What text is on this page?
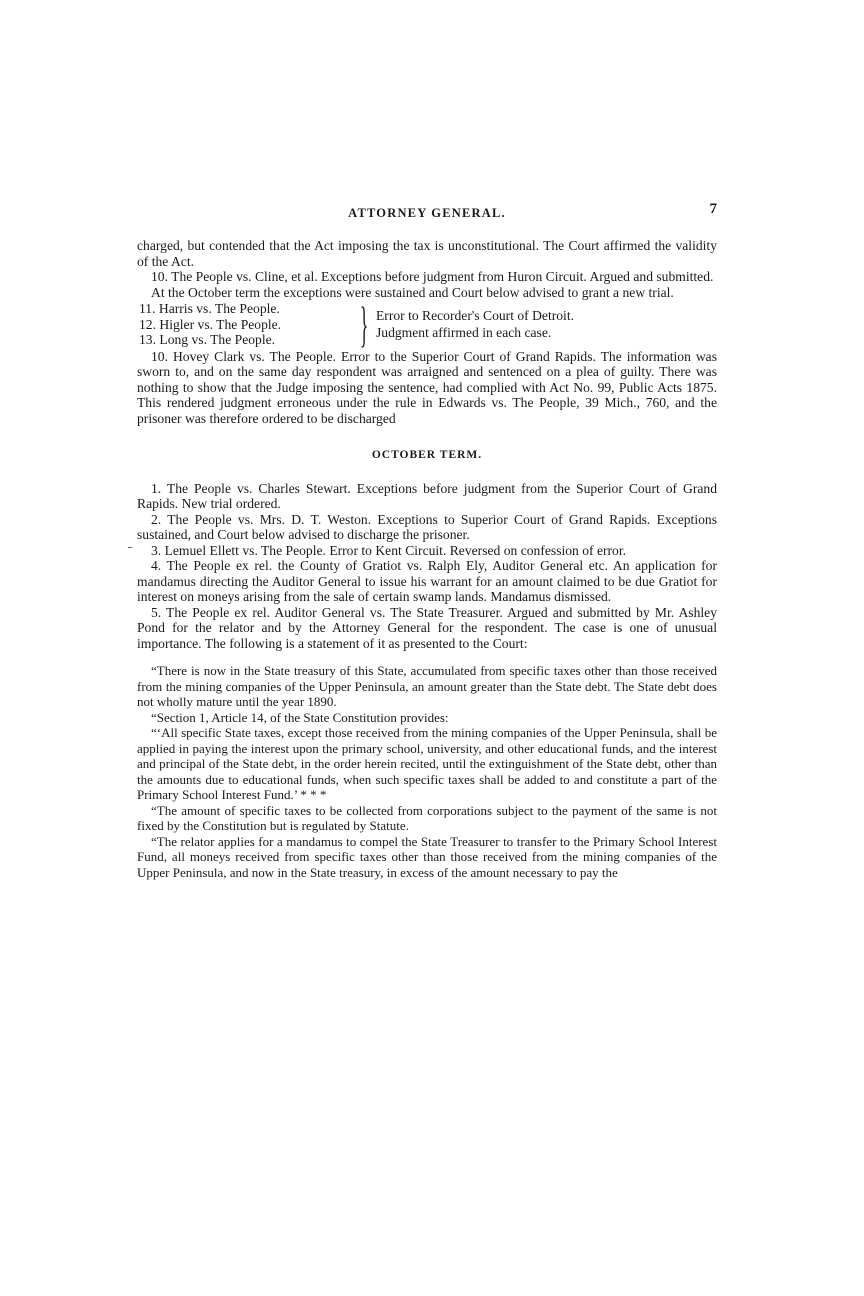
ATTORNEY GENERAL.	7

charged, but contended that the Act imposing the tax is unconstitutional. The Court affirmed the validity of the Act.

10. The People vs. Cline, et al. Exceptions before judgment from Huron Circuit. Argued and submitted.

At the October term the exceptions were sustained and Court below advised to grant a new trial.

11. Harris vs. The People.
12. Higler vs. The People.
13. Long vs. The People.	} Error to Recorder's Court of Detroit.
Judgment affirmed in each case.

10. Hovey Clark vs. The People. Error to the Superior Court of Grand Rapids. The information was sworn to, and on the same day respondent was arraigned and sentenced on a plea of guilty. There was nothing to show that the Judge imposing the sentence, had complied with Act No. 99, Public Acts 1875. This rendered judgment erroneous under the rule in Edwards vs. The People, 39 Mich., 760, and the prisoner was therefore ordered to be discharged

OCTOBER TERM.

1. The People vs. Charles Stewart. Exceptions before judgment from the Superior Court of Grand Rapids. New trial ordered.

2. The People vs. Mrs. D. T. Weston. Exceptions to Superior Court of Grand Rapids. Exceptions sustained, and Court below advised to discharge the prisoner.

3. Lemuel Ellett vs. The People. Error to Kent Circuit. Reversed on confession of error.

4. The People ex rel. the County of Gratiot vs. Ralph Ely, Auditor General etc. An application for mandamus directing the Auditor General to issue his warrant for an amount claimed to be due Gratiot for interest on moneys arising from the sale of certain swamp lands. Mandamus dismissed.

5. The People ex rel. Auditor General vs. The State Treasurer. Argued and submitted by Mr. Ashley Pond for the relator and by the Attorney General for the respondent. The case is one of unusual importance. The following is a statement of it as presented to the Court:

“There is now in the State treasury of this State, accumulated from specific taxes other than those received from the mining companies of the Upper Peninsula, an amount greater than the State debt. The State debt does not wholly mature until the year 1890.

“Section 1, Article 14, of the State Constitution provides:

“‘All specific State taxes, except those received from the mining companies of the Upper Peninsula, shall be applied in paying the interest upon the primary school, university, and other educational funds, and the interest and principal of the State debt, in the order herein recited, until the extinguishment of the State debt, other than the amounts due to educational funds, when such specific taxes shall be added to and constitute a part of the Primary School Interest Fund.’ * * *

“The amount of specific taxes to be collected from corporations subject to the payment of the same is not fixed by the Constitution but is regulated by Statute.

“The relator applies for a mandamus to compel the State Treasurer to transfer to the Primary School Interest Fund, all moneys received from specific taxes other than those received from the mining companies of the Upper Peninsula, and now in the State treasury, in excess of the amount necessary to pay the
